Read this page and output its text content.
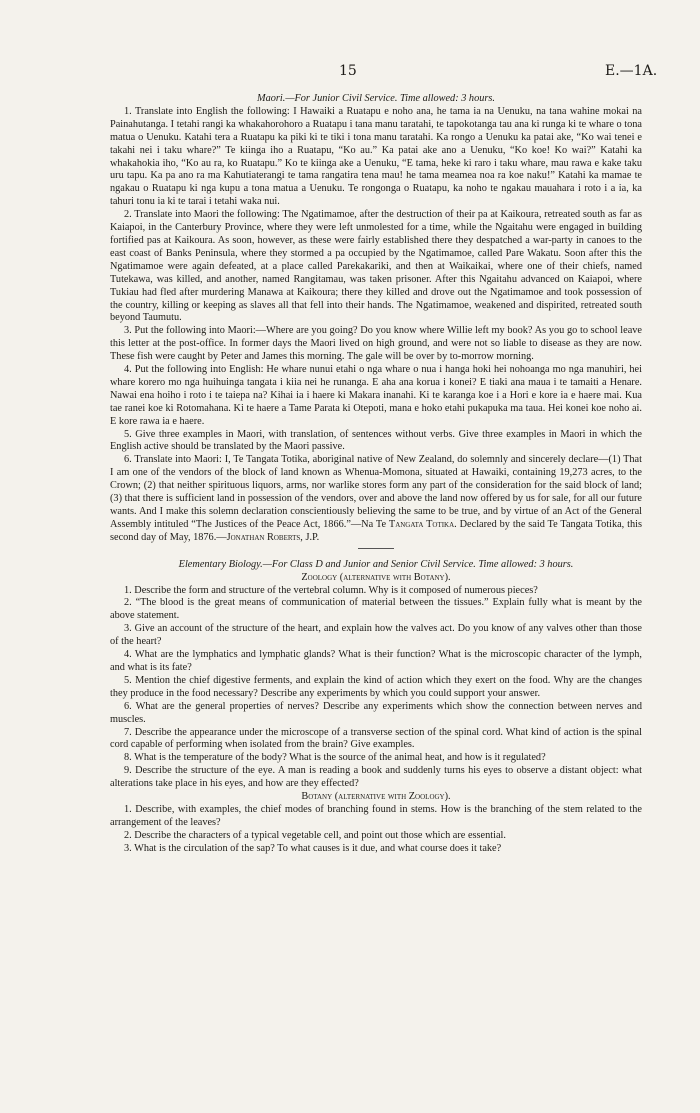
15	E.—1A.

Maori.—For Junior Civil Service. Time allowed: 3 hours.

1. Translate into English the following: I Hawaiki a Ruatapu e noho ana, he tama ia na Uenuku, na tana wahine mokai na Painahutanga. I tetahi rangi ka whakahorohoro a Ruatapu i tana manu taratahi, te tapokotanga tau ana ki runga ki te whare o tona matua o Uenuku. Katahi tera a Ruatapu ka piki ki te tiki i tona manu taratahi. Ka rongo a Uenuku ka patai ake, “Ko wai tenei e takahi nei i taku whare?” Te kiinga iho a Ruatapu, “Ko au.” Ka patai ake ano a Uenuku, “Ko koe! Ko wai?” Katahi ka whakahokia iho, “Ko au ra, ko Ruatapu.” Ko te kiinga ake a Uenuku, “E tama, heke ki raro i taku whare, mau rawa e kake taku uru tapu. Ka pa ano ra ma Kahutiaterangi te tama rangatira tena mau! he tama meamea noa ra koe naku!” Katahi ka mamae te ngakau o Ruatapu ki nga kupu a tona matua a Uenuku. Te rongonga o Ruatapu, ka noho te ngakau mauahara i roto i a ia, ka tahuri tonu ia ki te tarai i tetahi waka nui.

2. Translate into Maori the following: The Ngatimamoe, after the destruction of their pa at Kaikoura, retreated south as far as Kaiapoi, in the Canterbury Province, where they were left unmolested for a time, while the Ngaitahu were engaged in building fortified pas at Kaikoura. As soon, however, as these were fairly established there they despatched a war-party in canoes to the east coast of Banks Peninsula, where they stormed a pa occupied by the Ngatimamoe, called Pare Wakatu. Soon after this the Ngatimamoe were again defeated, at a place called Parekakariki, and then at Waikaikai, where one of their chiefs, named Tutekawa, was killed, and another, named Rangitamau, was taken prisoner. After this Ngaitahu advanced on Kaiapoi, where Tukiau had fled after murdering Manawa at Kaikoura; there they killed and drove out the Ngatimamoe and took possession of the country, killing or keeping as slaves all that fell into their hands. The Ngatimamoe, weakened and dispirited, retreated south beyond Taumutu.

3. Put the following into Maori:—Where are you going? Do you know where Willie left my book? As you go to school leave this letter at the post-office. In former days the Maori lived on high ground, and were not so liable to disease as they are now. These fish were caught by Peter and James this morning. The gale will be over by to-morrow morning.

4. Put the following into English: He whare nunui etahi o nga whare o nua i hanga hoki hei nohoanga mo nga manuhiri, hei whare korero mo nga huihuinga tangata i kiia nei he runanga. E aha ana korua i konei? E tiaki ana maua i te tamaiti a Henare. Nawai ena hoiho i roto i te taiepa na? Kihai ia i haere ki Makara inanahi. Ki te karanga koe i a Hori e kore ia e haere mai. Kua tae ranei koe ki Rotomahana. Ki te haere a Tame Parata ki Otepoti, mana e hoko etahi pukapuka ma taua. Hei konei koe noho ai. E kore rawa ia e haere.

5. Give three examples in Maori, with translation, of sentences without verbs. Give three examples in Maori in which the English active should be translated by the Maori passive.

6. Translate into Maori: I, Te Tangata Totika, aboriginal native of New Zealand, do solemnly and sincerely declare—(1) That I am one of the vendors of the block of land known as Whenua-Momona, situated at Hawaiki, containing 19,273 acres, to the Crown; (2) that neither spirituous liquors, arms, nor warlike stores form any part of the consideration for the said block of land; (3) that there is sufficient land in possession of the vendors, over and above the land now offered by us for sale, for all our future wants. And I make this solemn declaration conscientiously believing the same to be true, and by virtue of an Act of the General Assembly intituled “The Justices of the Peace Act, 1866.”—Na Te Tangata Totika. Declared by the said Te Tangata Totika, this second day of May, 1876.—Jonathan Roberts, J.P.

Elementary Biology.—For Class D and Junior and Senior Civil Service. Time allowed: 3 hours.

Zoology (alternative with Botany).

1. Describe the form and structure of the vertebral column. Why is it composed of numerous pieces?

2. “The blood is the great means of communication of material between the tissues.” Explain fully what is meant by the above statement.

3. Give an account of the structure of the heart, and explain how the valves act. Do you know of any valves other than those of the heart?

4. What are the lymphatics and lymphatic glands? What is their function? What is the microscopic character of the lymph, and what is its fate?

5. Mention the chief digestive ferments, and explain the kind of action which they exert on the food. Why are the changes they produce in the food necessary? Describe any experiments by which you could support your answer.

6. What are the general properties of nerves? Describe any experiments which show the connection between nerves and muscles.

7. Describe the appearance under the microscope of a transverse section of the spinal cord. What kind of action is the spinal cord capable of performing when isolated from the brain? Give examples.

8. What is the temperature of the body? What is the source of the animal heat, and how is it regulated?

9. Describe the structure of the eye. A man is reading a book and suddenly turns his eyes to observe a distant object: what alterations take place in his eyes, and how are they effected?

Botany (alternative with Zoology).

1. Describe, with examples, the chief modes of branching found in stems. How is the branching of the stem related to the arrangement of the leaves?

2. Describe the characters of a typical vegetable cell, and point out those which are essential.

3. What is the circulation of the sap? To what causes is it due, and what course does it take?
